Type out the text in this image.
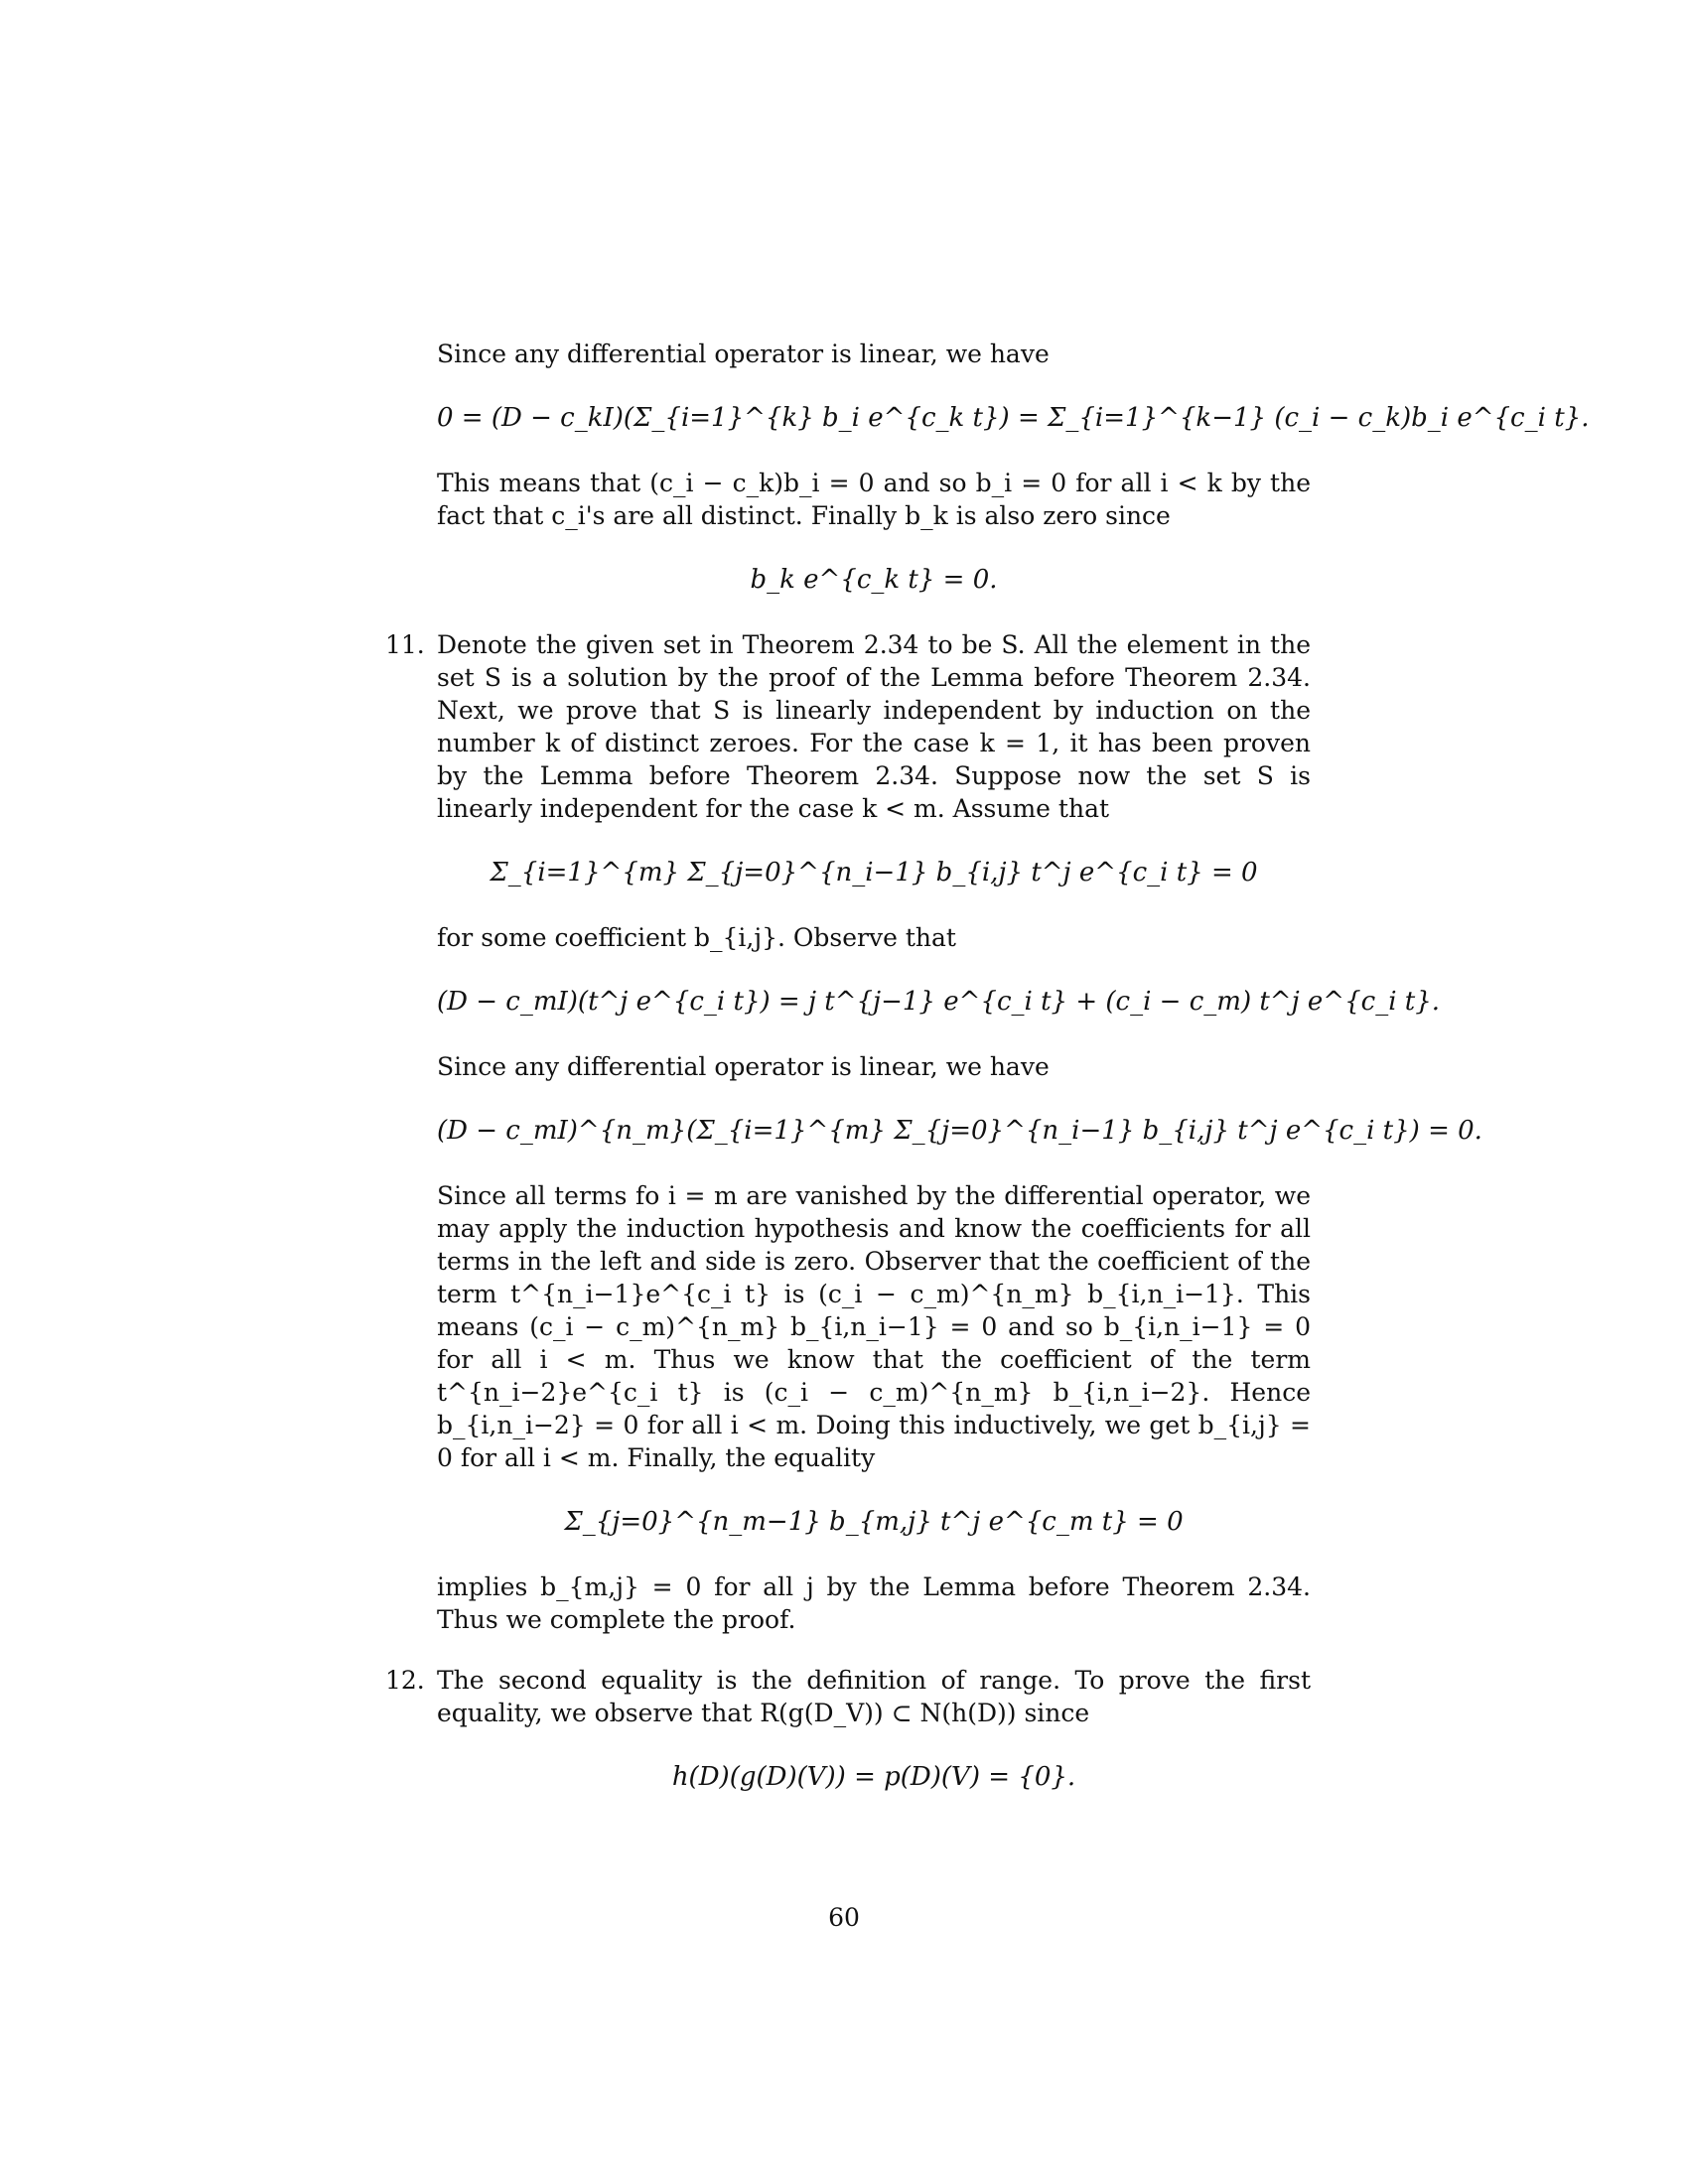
Since any differential operator is linear, we have

0 = (D − c_kI)(Σ_{i=1}^{k} b_i e^{c_k t}) = Σ_{i=1}^{k−1} (c_i − c_k)b_i e^{c_i t}.

This means that (c_i − c_k)b_i = 0 and so b_i = 0 for all i < k by the fact that c_i's are all distinct. Finally b_k is also zero since

b_k e^{c_k t} = 0.
11. Denote the given set in Theorem 2.34 to be S. All the element in the set S is a solution by the proof of the Lemma before Theorem 2.34. Next, we prove that S is linearly independent by induction on the number k of distinct zeroes. For the case k = 1, it has been proven by the Lemma before Theorem 2.34. Suppose now the set S is linearly independent for the case k < m. Assume that

Σ_{i=1}^{m} Σ_{j=0}^{n_i−1} b_{i,j} t^j e^{c_i t} = 0

for some coefficient b_{i,j}. Observe that

(D − c_mI)(t^j e^{c_i t}) = j t^{j−1} e^{c_i t} + (c_i − c_m) t^j e^{c_i t}.

Since any differential operator is linear, we have

(D − c_mI)^{n_m}(Σ_{i=1}^{m} Σ_{j=0}^{n_i−1} b_{i,j} t^j e^{c_i t}) = 0.

Since all terms fo i = m are vanished by the differential operator, we may apply the induction hypothesis and know the coefficients for all terms in the left and side is zero. Observer that the coefficient of the term t^{n_i−1}e^{c_i t} is (c_i − c_m)^{n_m} b_{i,n_i−1}. This means (c_i − c_m)^{n_m} b_{i,n_i−1} = 0 and so b_{i,n_i−1} = 0 for all i < m. Thus we know that the coefficient of the term t^{n_i−2}e^{c_i t} is (c_i − c_m)^{n_m} b_{i,n_i−2}. Hence b_{i,n_i−2} = 0 for all i < m. Doing this inductively, we get b_{i,j} = 0 for all i < m. Finally, the equality

Σ_{j=0}^{n_m−1} b_{m,j} t^j e^{c_m t} = 0

implies b_{m,j} = 0 for all j by the Lemma before Theorem 2.34. Thus we complete the proof.

12. The second equality is the definition of range. To prove the first equality, we observe that R(g(D_V)) ⊂ N(h(D)) since

h(D)(g(D)(V)) = p(D)(V) = {0}.
60
